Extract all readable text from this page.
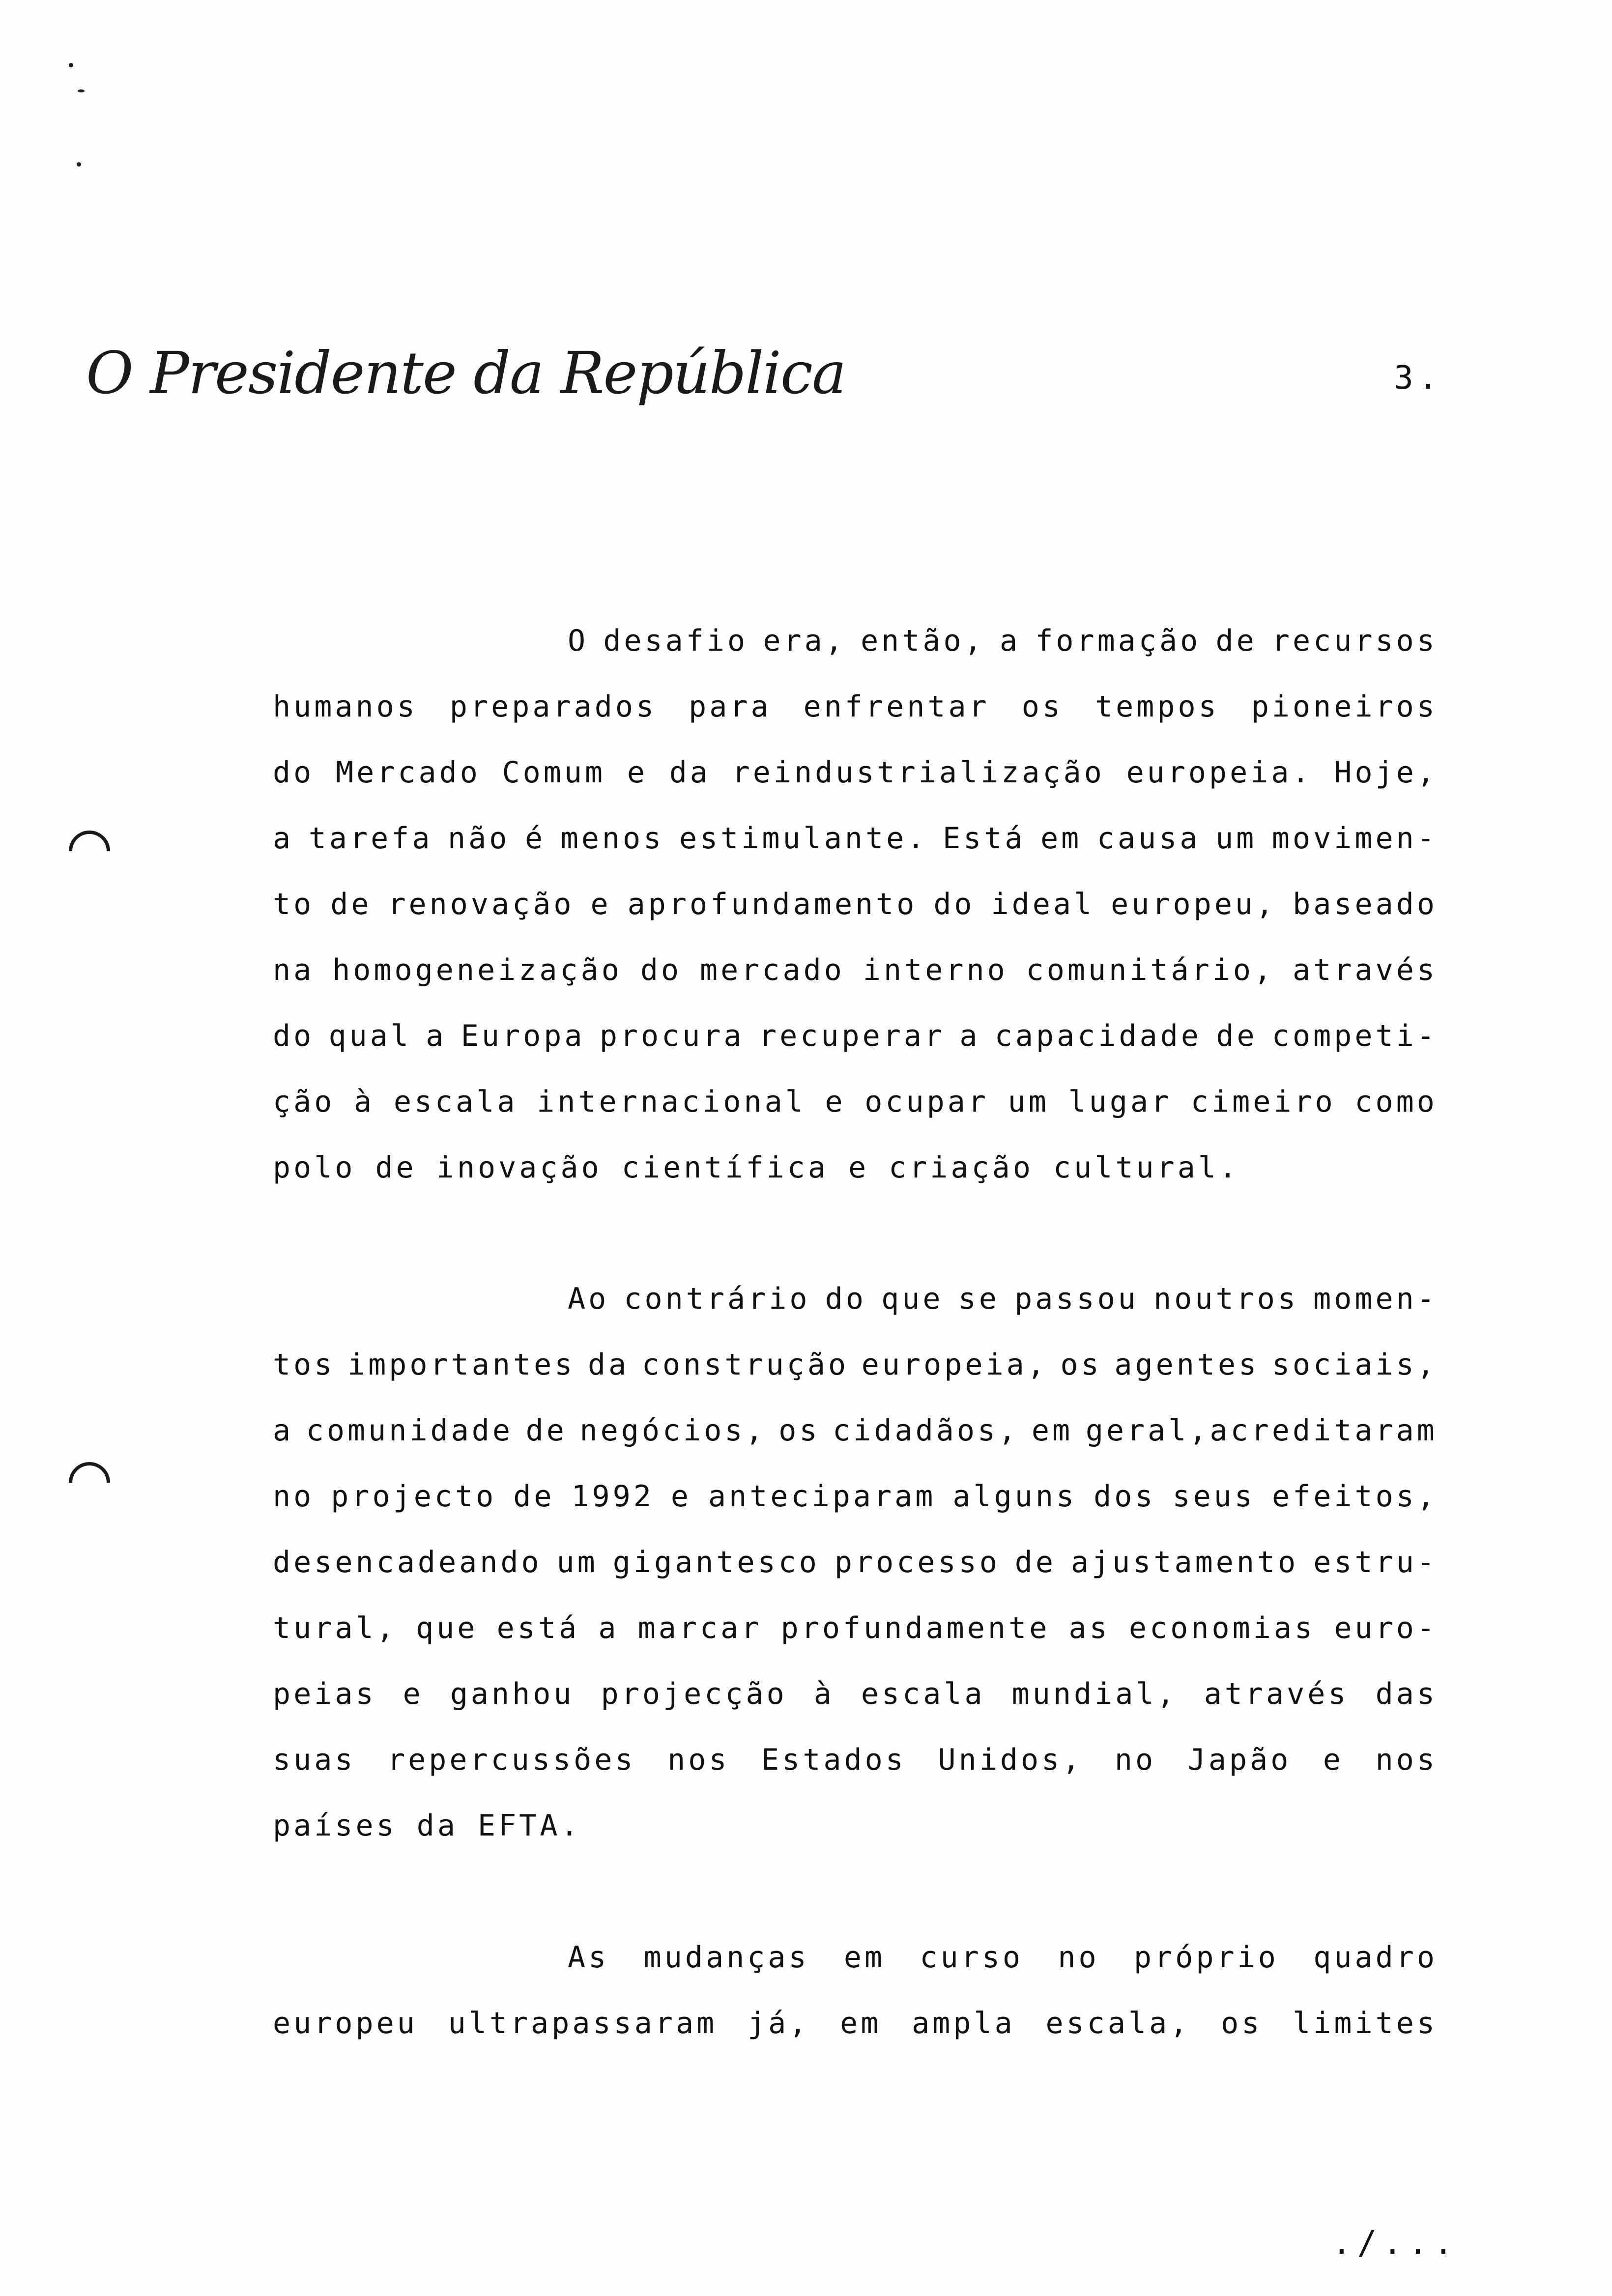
O Presidente da República	3.
O desafio era, então, a formação de recursos
humanos preparados para enfrentar os tempos pioneiros
do Mercado Comum e da reindustrialização europeia. Hoje,
a tarefa não é menos estimulante. Está em causa um movimen-
to de renovação e aprofundamento do ideal europeu, baseado
na homogeneização do mercado interno comunitário, através
do qual a Europa procura recuperar a capacidade de competi-
ção à escala internacional e ocupar um lugar cimeiro como
polo de inovação científica e criação cultural.
Ao contrário do que se passou noutros momen-
tos importantes da construção europeia, os agentes sociais,
a comunidade de negócios, os cidadãos, em geral,acreditaram
no projecto de 1992 e anteciparam alguns dos seus efeitos,
desencadeando um gigantesco processo de ajustamento estru-
tural, que está a marcar profundamente as economias euro-
peias e ganhou projecção à escala mundial, através das
suas repercussões nos Estados Unidos, no Japão e nos
países da EFTA.
As mudanças em curso no próprio quadro
europeu ultrapassaram já, em ampla escala, os limites
./...
